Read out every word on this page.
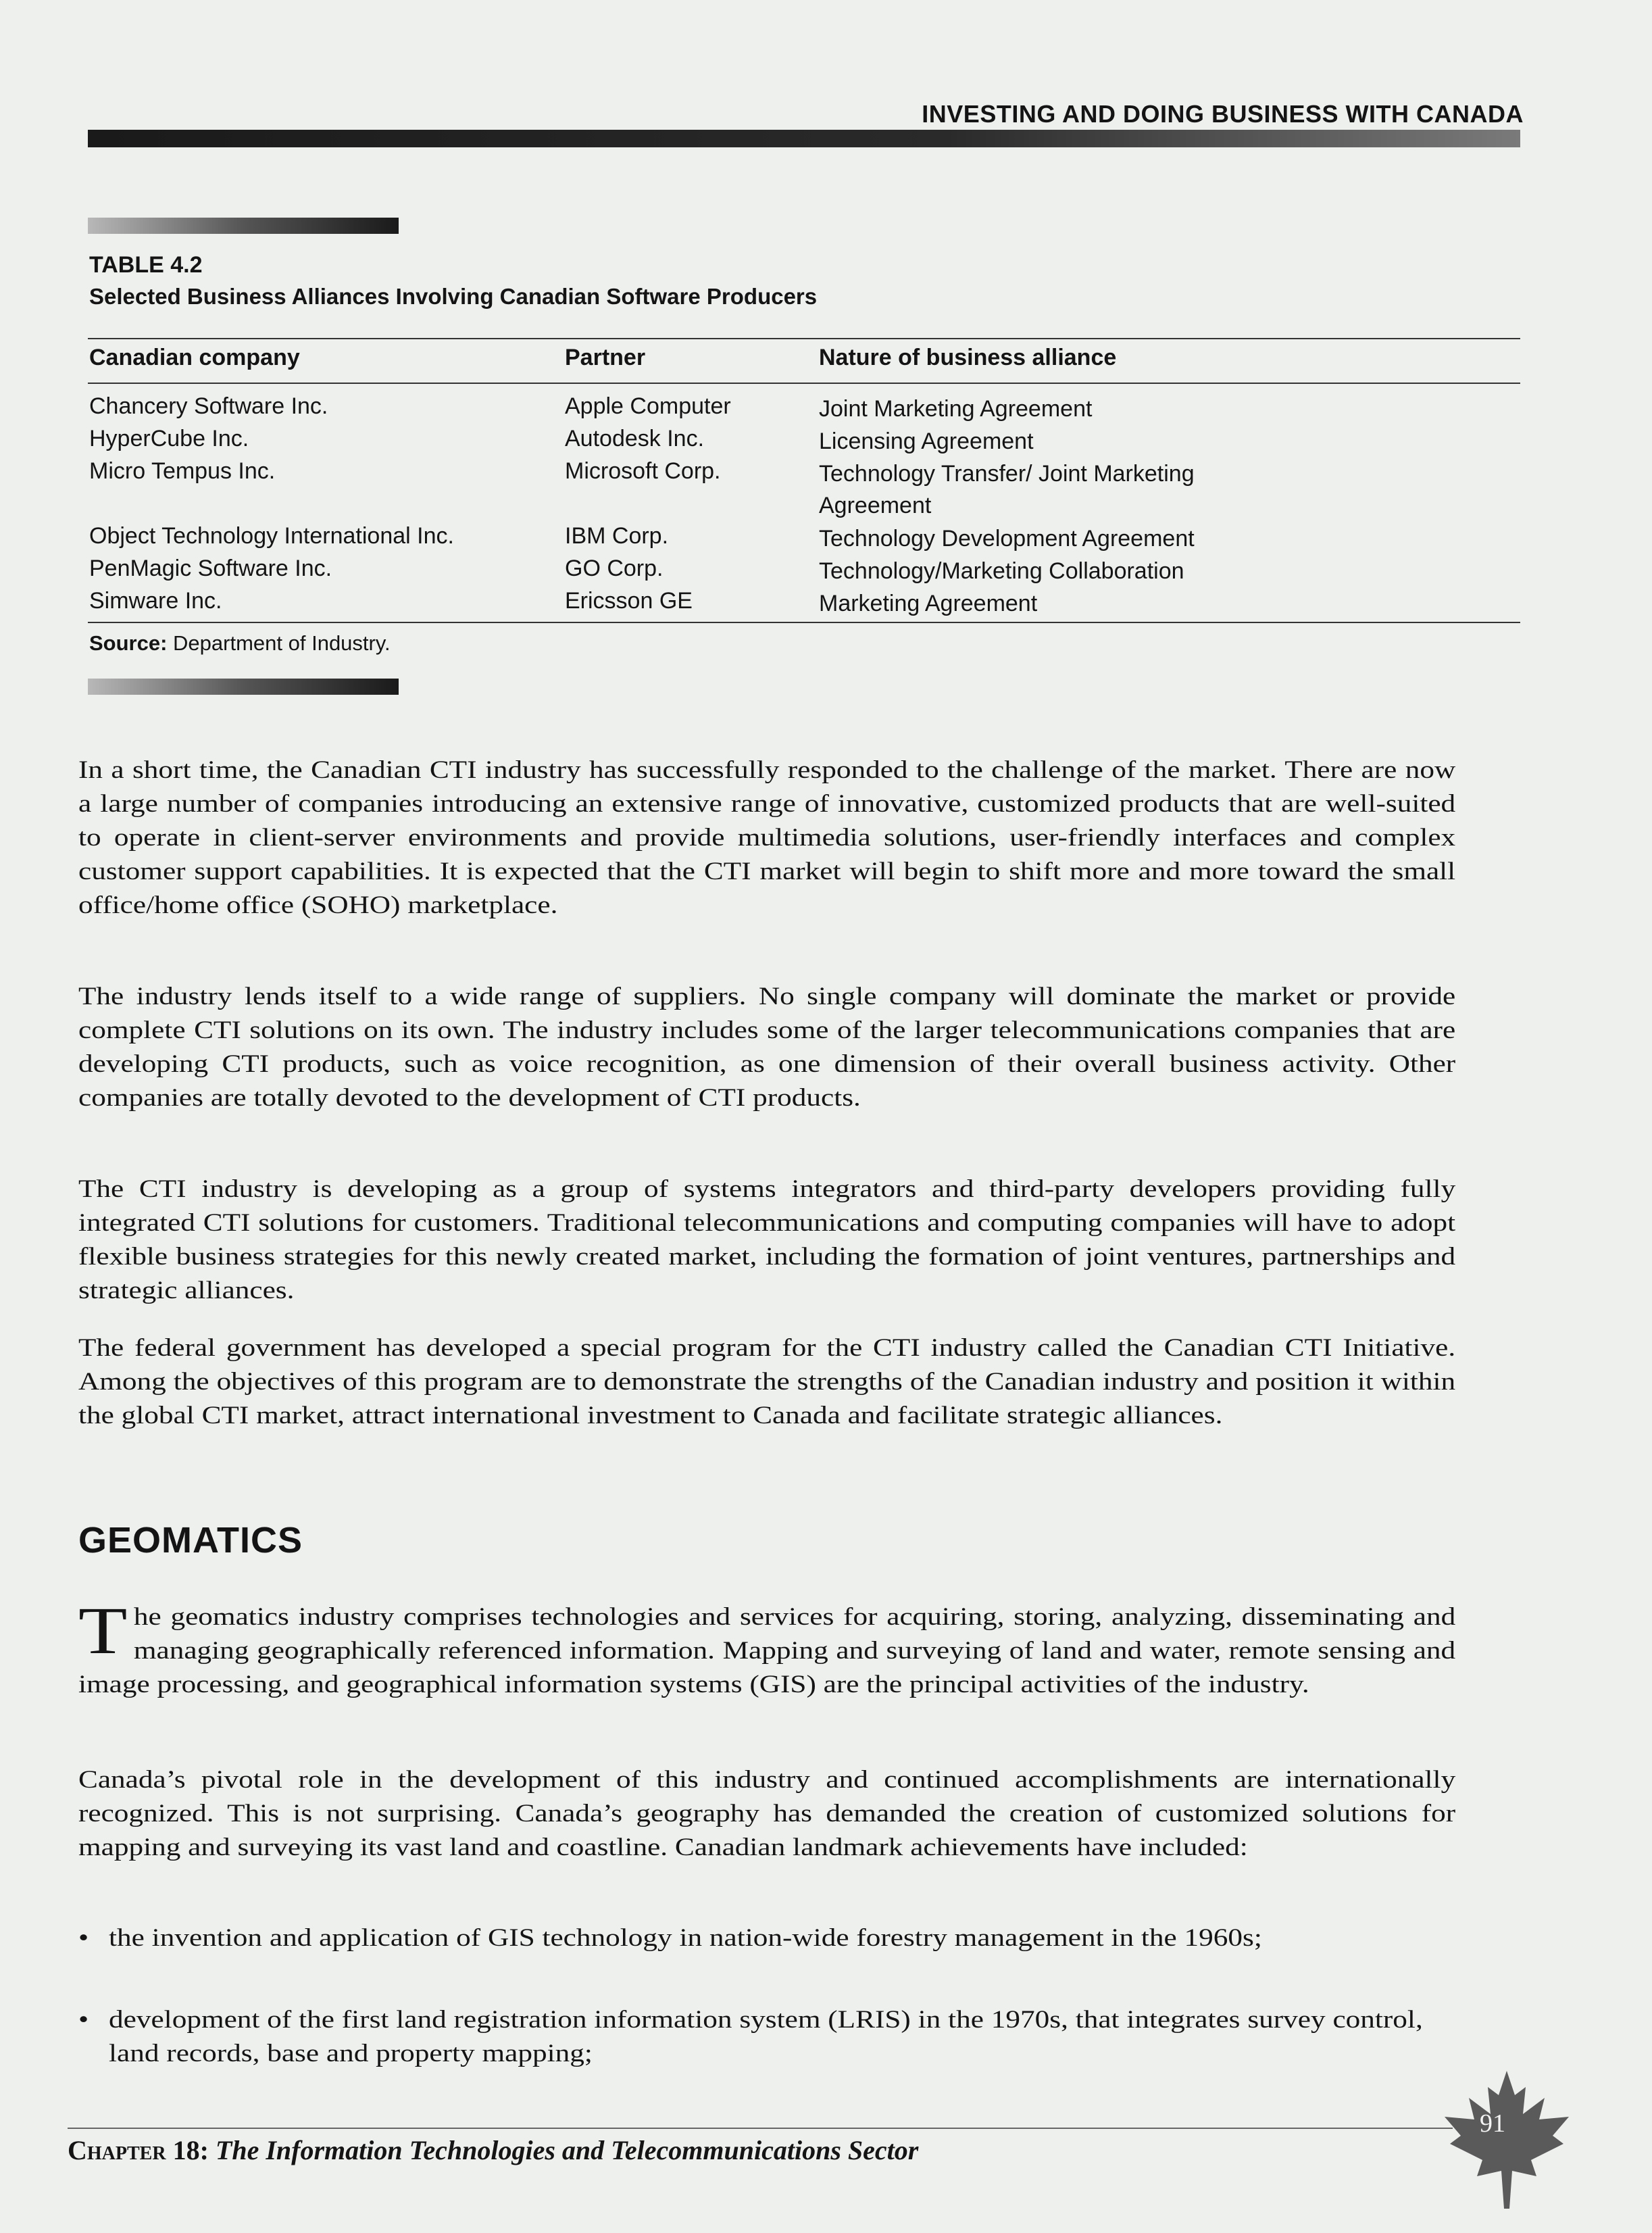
INVESTING AND DOING BUSINESS WITH CANADA
TABLE 4.2
Selected Business Alliances Involving Canadian Software Producers
Canadian company	Partner	Nature of business alliance
Chancery Software Inc.	Apple Computer	Joint Marketing Agreement
HyperCube Inc.	Autodesk Inc.	Licensing Agreement
Micro Tempus Inc.	Microsoft Corp.	Technology Transfer/ Joint Marketing Agreement
Object Technology International Inc.	IBM Corp.	Technology Development Agreement
PenMagic Software Inc.	GO Corp.	Technology/Marketing Collaboration
Simware Inc.	Ericsson GE	Marketing Agreement
Source: Department of Industry.
In a short time, the Canadian CTI industry has successfully responded to the challenge of the market. There are now a large number of companies introducing an extensive range of innovative, customized products that are well-suited to operate in client-server environments and provide multimedia solutions, user-friendly interfaces and complex customer support capabilities. It is expected that the CTI market will begin to shift more and more toward the small office/home office (SOHO) marketplace.
The industry lends itself to a wide range of suppliers. No single company will dominate the market or provide complete CTI solutions on its own. The industry includes some of the larger telecommunications companies that are developing CTI products, such as voice recognition, as one dimension of their overall business activity. Other companies are totally devoted to the development of CTI products.
The CTI industry is developing as a group of systems integrators and third-party developers providing fully integrated CTI solutions for customers. Traditional telecommunications and computing companies will have to adopt flexible business strategies for this newly created market, including the formation of joint ventures, partnerships and strategic alliances.
The federal government has developed a special program for the CTI industry called the Canadian CTI Initiative. Among the objectives of this program are to demonstrate the strengths of the Canadian industry and position it within the global CTI market, attract international investment to Canada and facilitate strategic alliances.
GEOMATICS
T he geomatics industry comprises technologies and services for acquiring, storing, analyzing, disseminating and managing geographically referenced information. Mapping and surveying of land and water, remote sensing and image processing, and geographical information systems (GIS) are the principal activities of the industry.
Canada’s pivotal role in the development of this industry and continued accomplishments are internationally recognized. This is not surprising. Canada’s geography has demanded the creation of customized solutions for mapping and surveying its vast land and coastline. Canadian landmark achievements have included:
• the invention and application of GIS technology in nation-wide forestry management in the 1960s;
• development of the first land registration information system (LRIS) in the 1970s, that integrates survey control, land records, base and property mapping;
Chapter 18: The Information Technologies and Telecommunications Sector
91
